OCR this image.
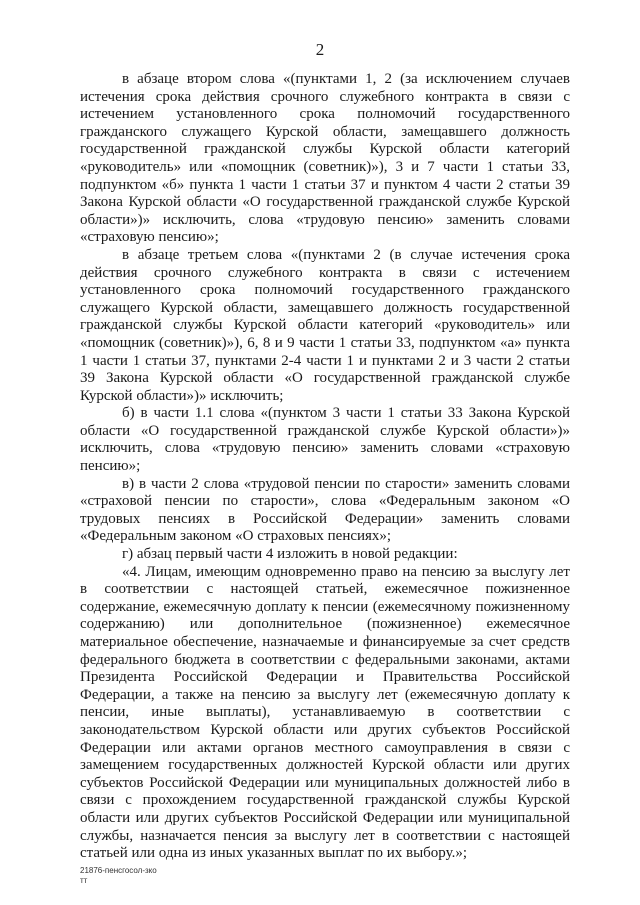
2

в абзаце втором слова «(пунктами 1, 2 (за исключением случаев истечения срока действия срочного служебного контракта в связи с истечением установленного срока полномочий государственного гражданского служащего Курской области, замещавшего должность государственной гражданской службы Курской области категорий «руководитель» или «помощник (советник)»), 3 и 7 части 1 статьи 33, подпунктом «б» пункта 1 части 1 статьи 37 и пунктом 4 части 2 статьи 39 Закона Курской области «О государственной гражданской службе Курской области»)» исключить, слова «трудовую пенсию» заменить словами «страховую пенсию»;

в абзаце третьем слова «(пунктами 2 (в случае истечения срока действия срочного служебного контракта в связи с истечением установленного срока полномочий государственного гражданского служащего Курской области, замещавшего должность государственной гражданской службы Курской области категорий «руководитель» или «помощник (советник)»), 6, 8 и 9 части 1 статьи 33, подпунктом «а» пункта 1 части 1 статьи 37, пунктами 2-4 части 1 и пунктами 2 и 3 части 2 статьи 39 Закона Курской области «О государственной гражданской службе Курской области»)» исключить;

б) в части 1.1 слова «(пунктом 3 части 1 статьи 33 Закона Курской области «О государственной гражданской службе Курской области»)» исключить, слова «трудовую пенсию» заменить словами «страховую пенсию»;

в) в части 2 слова «трудовой пенсии по старости» заменить словами «страховой пенсии по старости», слова «Федеральным законом «О трудовых пенсиях в Российской Федерации» заменить словами «Федеральным законом «О страховых пенсиях»;

г) абзац первый части 4 изложить в новой редакции:

«4. Лицам, имеющим одновременно право на пенсию за выслугу лет в соответствии с настоящей статьей, ежемесячное пожизненное содержание, ежемесячную доплату к пенсии (ежемесячному пожизненному содержанию) или дополнительное (пожизненное) ежемесячное материальное обеспечение, назначаемые и финансируемые за счет средств федерального бюджета в соответствии с федеральными законами, актами Президента Российской Федерации и Правительства Российской Федерации, а также на пенсию за выслугу лет (ежемесячную доплату к пенсии, иные выплаты), устанавливаемую в соответствии с законодательством Курской области или других субъектов Российской Федерации или актами органов местного самоуправления в связи с замещением государственных должностей Курской области или других субъектов Российской Федерации или муниципальных должностей либо в связи с прохождением государственной гражданской службы Курской области или других субъектов Российской Федерации или муниципальной службы, назначается пенсия за выслугу лет в соответствии с настоящей статьей или одна из иных указанных выплат по их выбору.»;

21876-пенсгосол-зко
тт
